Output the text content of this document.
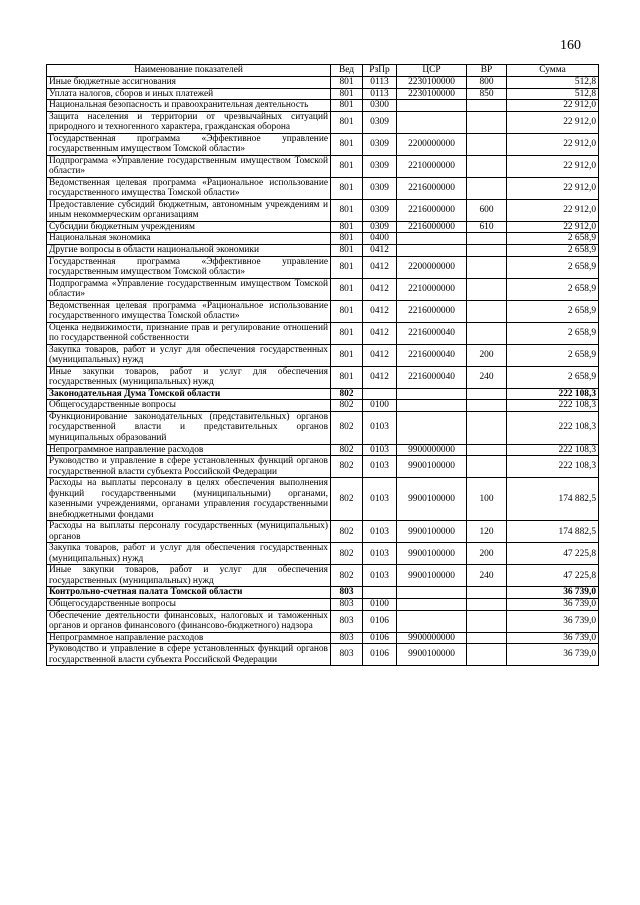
160
Наименование показателей	Вед	РзПр	ЦСР	ВР	Сумма
Иные бюджетные ассигнования	801	0113	2230100000	800	512,8
Уплата налогов, сборов и иных платежей	801	0113	2230100000	850	512,8
Национальная безопасность и правоохранительная деятельность	801	0300			22 912,0
Защита населения и территории от чрезвычайных ситуаций природного и техногенного характера, гражданская оборона	801	0309			22 912,0
Государственная программа «Эффективное управление государственным имуществом Томской области»	801	0309	2200000000		22 912,0
Подпрограмма «Управление государственным имуществом Томской области»	801	0309	2210000000		22 912,0
Ведомственная целевая программа «Рациональное использование государственного имущества Томской области»	801	0309	2216000000		22 912,0
Предоставление субсидий бюджетным, автономным учреждениям и иным некоммерческим организациям	801	0309	2216000000	600	22 912,0
Субсидии бюджетным учреждениям	801	0309	2216000000	610	22 912,0
Национальная экономика	801	0400			2 658,9
Другие вопросы в области национальной экономики	801	0412			2 658,9
Государственная программа «Эффективное управление государственным имуществом Томской области»	801	0412	2200000000		2 658,9
Подпрограмма «Управление государственным имуществом Томской области»	801	0412	2210000000		2 658,9
Ведомственная целевая программа «Рациональное использование государственного имущества Томской области»	801	0412	2216000000		2 658,9
Оценка недвижимости, признание прав и регулирование отношений по государственной собственности	801	0412	2216000040		2 658,9
Закупка товаров, работ и услуг для обеспечения государственных (муниципальных) нужд	801	0412	2216000040	200	2 658,9
Иные закупки товаров, работ и услуг для обеспечения государственных (муниципальных) нужд	801	0412	2216000040	240	2 658,9
Законодательная Дума Томской области	802				222 108,3
Общегосударственные вопросы	802	0100			222 108,3
Функционирование законодательных (представительных) органов государственной власти и представительных органов муниципальных образований	802	0103			222 108,3
Непрограммное направление расходов	802	0103	9900000000		222 108,3
Руководство и управление в сфере установленных функций органов государственной власти субъекта Российской Федерации	802	0103	9900100000		222 108,3
Расходы на выплаты персоналу в целях обеспечения выполнения функций государственными (муниципальными) органами, казенными учреждениями, органами управления государственными внебюджетными фондами	802	0103	9900100000	100	174 882,5
Расходы на выплаты персоналу государственных (муниципальных) органов	802	0103	9900100000	120	174 882,5
Закупка товаров, работ и услуг для обеспечения государственных (муниципальных) нужд	802	0103	9900100000	200	47 225,8
Иные закупки товаров, работ и услуг для обеспечения государственных (муниципальных) нужд	802	0103	9900100000	240	47 225,8
Контрольно-счетная палата Томской области	803				36 739,0
Общегосударственные вопросы	803	0100			36 739,0
Обеспечение деятельности финансовых, налоговых и таможенных органов и органов финансового (финансово-бюджетного) надзора	803	0106			36 739,0
Непрограммное направление расходов	803	0106	9900000000		36 739,0
Руководство и управление в сфере установленных функций органов государственной власти субъекта Российской Федерации	803	0106	9900100000		36 739,0
